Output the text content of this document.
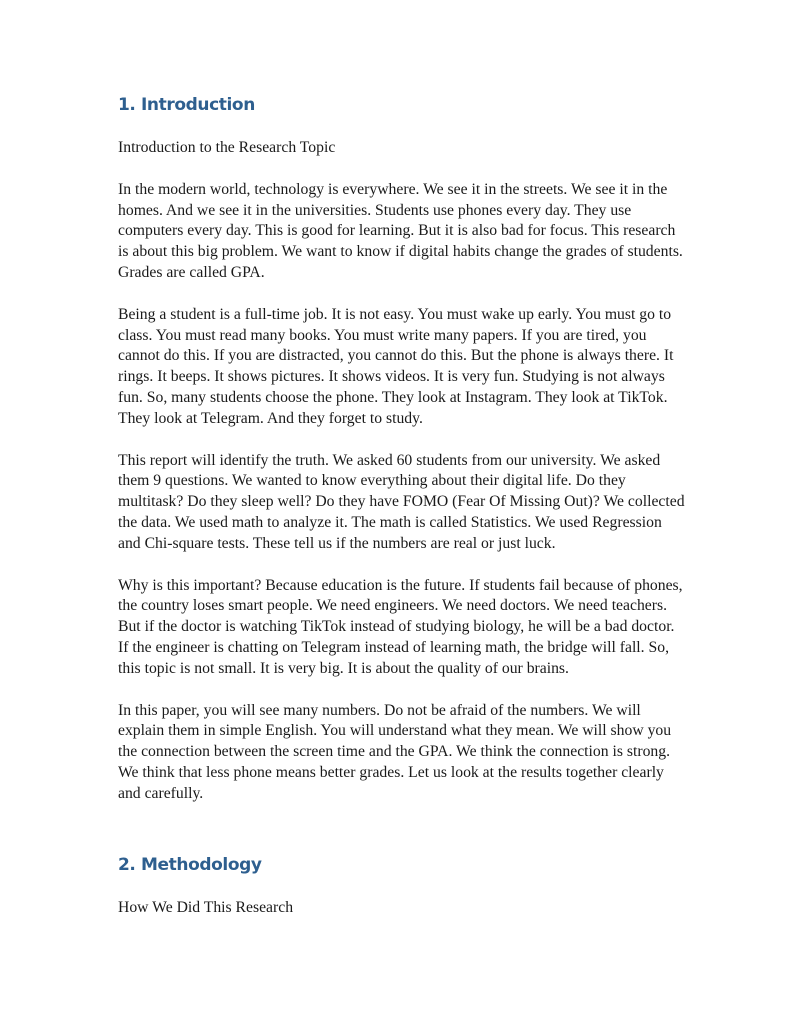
1. Introduction

Introduction to the Research Topic

In the modern world, technology is everywhere. We see it in the streets. We see it in the homes. And we see it in the universities. Students use phones every day. They use computers every day. This is good for learning. But it is also bad for focus. This research is about this big problem. We want to know if digital habits change the grades of students. Grades are called GPA.

Being a student is a full-time job. It is not easy. You must wake up early. You must go to class. You must read many books. You must write many papers. If you are tired, you cannot do this. If you are distracted, you cannot do this. But the phone is always there. It rings. It beeps. It shows pictures. It shows videos. It is very fun. Studying is not always fun. So, many students choose the phone. They look at Instagram. They look at TikTok. They look at Telegram. And they forget to study.

This report will identify the truth. We asked 60 students from our university. We asked them 9 questions. We wanted to know everything about their digital life. Do they multitask? Do they sleep well? Do they have FOMO (Fear Of Missing Out)? We collected the data. We used math to analyze it. The math is called Statistics. We used Regression and Chi-square tests. These tell us if the numbers are real or just luck.

Why is this important? Because education is the future. If students fail because of phones, the country loses smart people. We need engineers. We need doctors. We need teachers. But if the doctor is watching TikTok instead of studying biology, he will be a bad doctor. If the engineer is chatting on Telegram instead of learning math, the bridge will fall. So, this topic is not small. It is very big. It is about the quality of our brains.

In this paper, you will see many numbers. Do not be afraid of the numbers. We will explain them in simple English. You will understand what they mean. We will show you the connection between the screen time and the GPA. We think the connection is strong. We think that less phone means better grades. Let us look at the results together clearly and carefully.

2. Methodology

How We Did This Research
